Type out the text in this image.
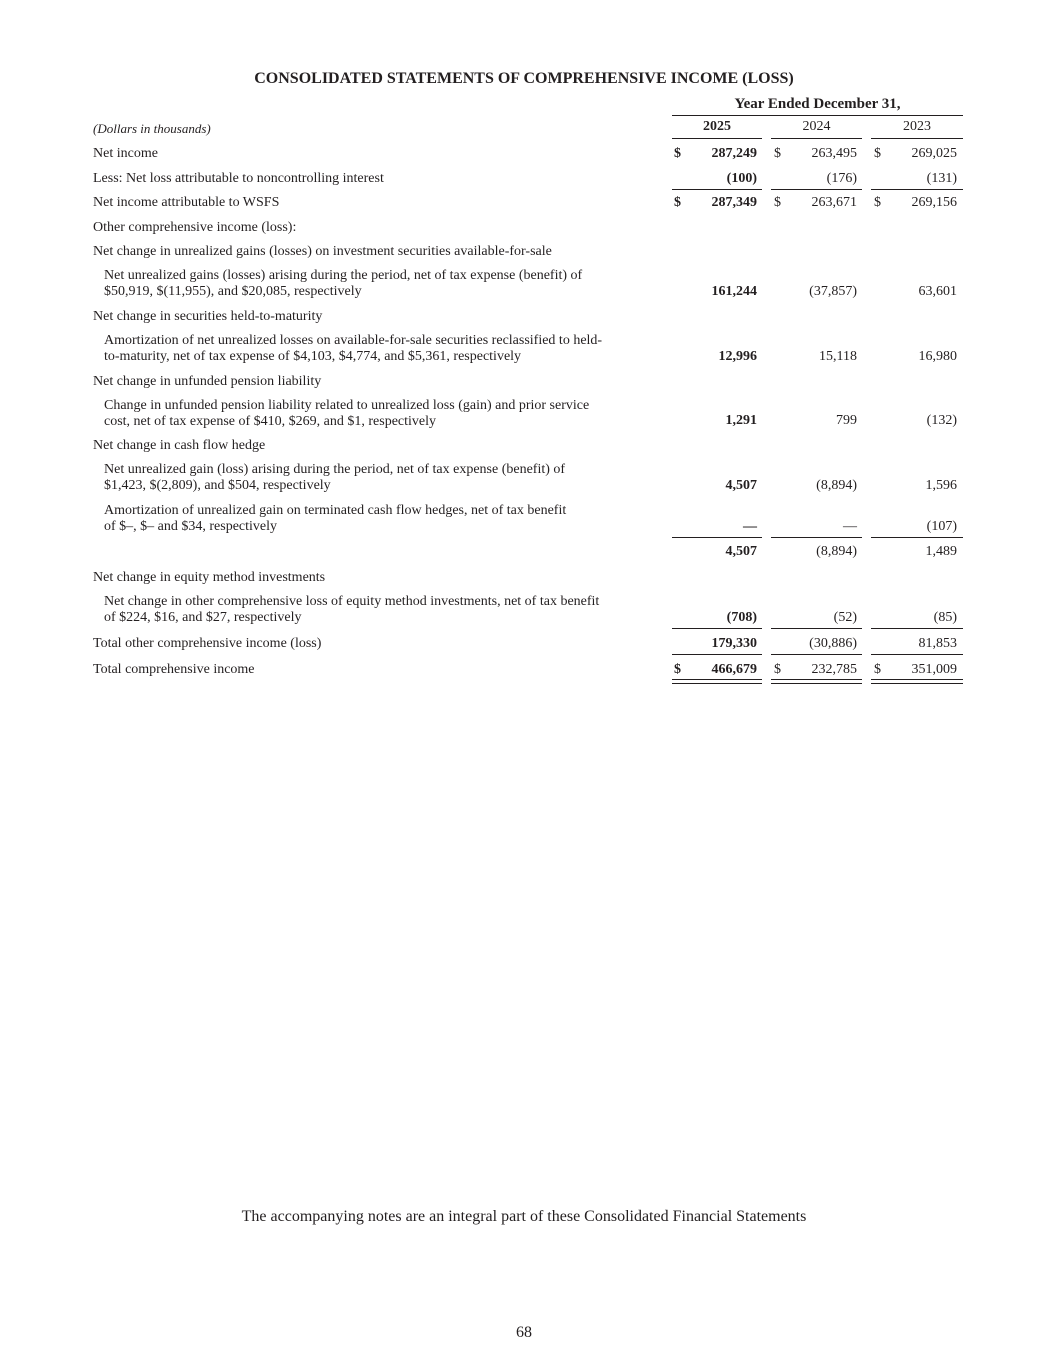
CONSOLIDATED STATEMENTS OF COMPREHENSIVE INCOME (LOSS)
Year Ended December 31,
(Dollars in thousands)	2025	2024	2023
Net income	$	287,249 $	263,495 $	269,025
Less: Net loss attributable to noncontrolling interest	(100)	(176)	(131)
Net income attributable to WSFS	$	287,349 $	263,671 $	269,156
Other comprehensive income (loss):
Net change in unrealized gains (losses) on investment securities available-for-sale
Net unrealized gains (losses) arising during the period, net of tax expense (benefit) of
$50,919, $(11,955), and $20,085, respectively	161,244	(37,857)	63,601
Net change in securities held-to-maturity
Amortization of net unrealized losses on available-for-sale securities reclassified to held-
to-maturity, net of tax expense of $4,103, $4,774, and $5,361, respectively	12,996	15,118	16,980
Net change in unfunded pension liability
Change in unfunded pension liability related to unrealized loss (gain) and prior service
cost, net of tax expense of $410, $269, and $1, respectively	1,291	799	(132)
Net change in cash flow hedge
Net unrealized gain (loss) arising during the period, net of tax expense (benefit) of
$1,423, $(2,809), and $504, respectively	4,507	(8,894)	1,596
Amortization of unrealized gain on terminated cash flow hedges, net of tax benefit
of $–, $– and $34, respectively	—	—	(107)
4,507	(8,894)	1,489
Net change in equity method investments
Net change in other comprehensive loss of equity method investments, net of tax benefit
of $224, $16, and $27, respectively	(708)	(52)	(85)
Total other comprehensive income (loss)	179,330	(30,886)	81,853
Total comprehensive income	$	466,679 $	232,785 $	351,009
The accompanying notes are an integral part of these Consolidated Financial Statements
68
